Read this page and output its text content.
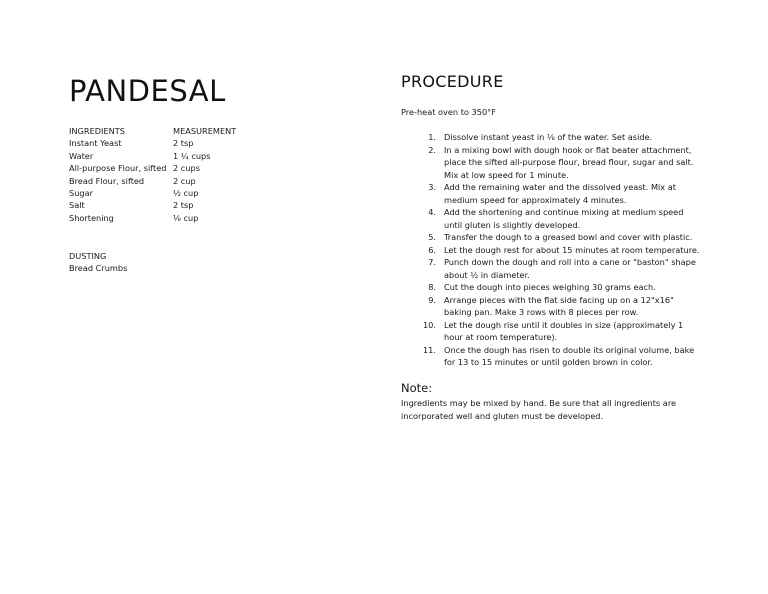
PANDESAL
INGREDIENTS	MEASUREMENT
Instant Yeast	2 tsp
Water	1 ¼ cups
All-purpose Flour, sifted 2 cups
Bread Flour, sifted	2 cup
Sugar	½ cup
Salt	2 tsp
Shortening	⅛ cup
DUSTING
Bread Crumbs
PROCEDURE
Pre-heat oven to 350°F
1. Dissolve instant yeast in ⅛ of the water. Set aside.
2. In a mixing bowl with dough hook or flat beater attachment, place the sifted all-purpose flour, bread flour, sugar and salt. Mix at low speed for 1 minute.
3. Add the remaining water and the dissolved yeast. Mix at medium speed for approximately 4 minutes.
4. Add the shortening and continue mixing at medium speed until gluten is slightly developed.
5. Transfer the dough to a greased bowl and cover with plastic.
6. Let the dough rest for about 15 minutes at room temperature.
7. Punch down the dough and roll into a cane or "baston" shape about ½ in diameter.
8. Cut the dough into pieces weighing 30 grams each.
9. Arrange pieces with the flat side facing up on a 12"x16" baking pan. Make 3 rows with 8 pieces per row.
10. Let the dough rise until it doubles in size (approximately 1 hour at room temperature).
11. Once the dough has risen to double its original volume, bake for 13 to 15 minutes or until golden brown in color.
Note:
Ingredients may be mixed by hand. Be sure that all ingredients are incorporated well and gluten must be developed.
